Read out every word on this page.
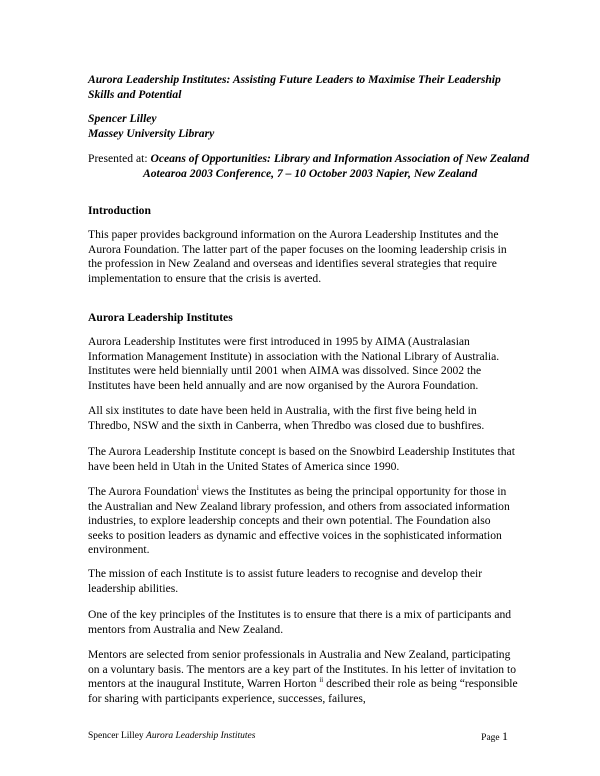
Aurora Leadership Institutes: Assisting Future Leaders to Maximise Their Leadership Skills and Potential
Spencer Lilley
Massey University Library
Presented at: Oceans of Opportunities: Library and Information Association of New Zealand Aotearoa 2003 Conference, 7 – 10 October 2003 Napier, New Zealand
Introduction
This paper provides background information on the Aurora Leadership Institutes and the Aurora Foundation. The latter part of the paper focuses on the looming leadership crisis in the profession in New Zealand and overseas and identifies several strategies that require implementation to ensure that the crisis is averted.
Aurora Leadership Institutes
Aurora Leadership Institutes were first introduced in 1995 by AIMA (Australasian Information Management Institute) in association with the National Library of Australia. Institutes were held biennially until 2001 when AIMA was dissolved. Since 2002 the Institutes have been held annually and are now organised by the Aurora Foundation.
All six institutes to date have been held in Australia, with the first five being held in Thredbo, NSW and the sixth in Canberra, when Thredbo was closed due to bushfires.
The Aurora Leadership Institute concept is based on the Snowbird Leadership Institutes that have been held in Utah in the United States of America since 1990.
The Aurora Foundation$^i$ views the Institutes as being the principal opportunity for those in the Australian and New Zealand library profession, and others from associated information industries, to explore leadership concepts and their own potential. The Foundation also seeks to position leaders as dynamic and effective voices in the sophisticated information environment.
The mission of each Institute is to assist future leaders to recognise and develop their leadership abilities.
One of the key principles of the Institutes is to ensure that there is a mix of participants and mentors from Australia and New Zealand.
Mentors are selected from senior professionals in Australia and New Zealand, participating on a voluntary basis. The mentors are a key part of the Institutes. In his letter of invitation to mentors at the inaugural Institute, Warren Horton $^{ii}$ described their role as being “responsible for sharing with participants experience, successes, failures,
Spencer Lilley Aurora Leadership Institutes	Page 1
